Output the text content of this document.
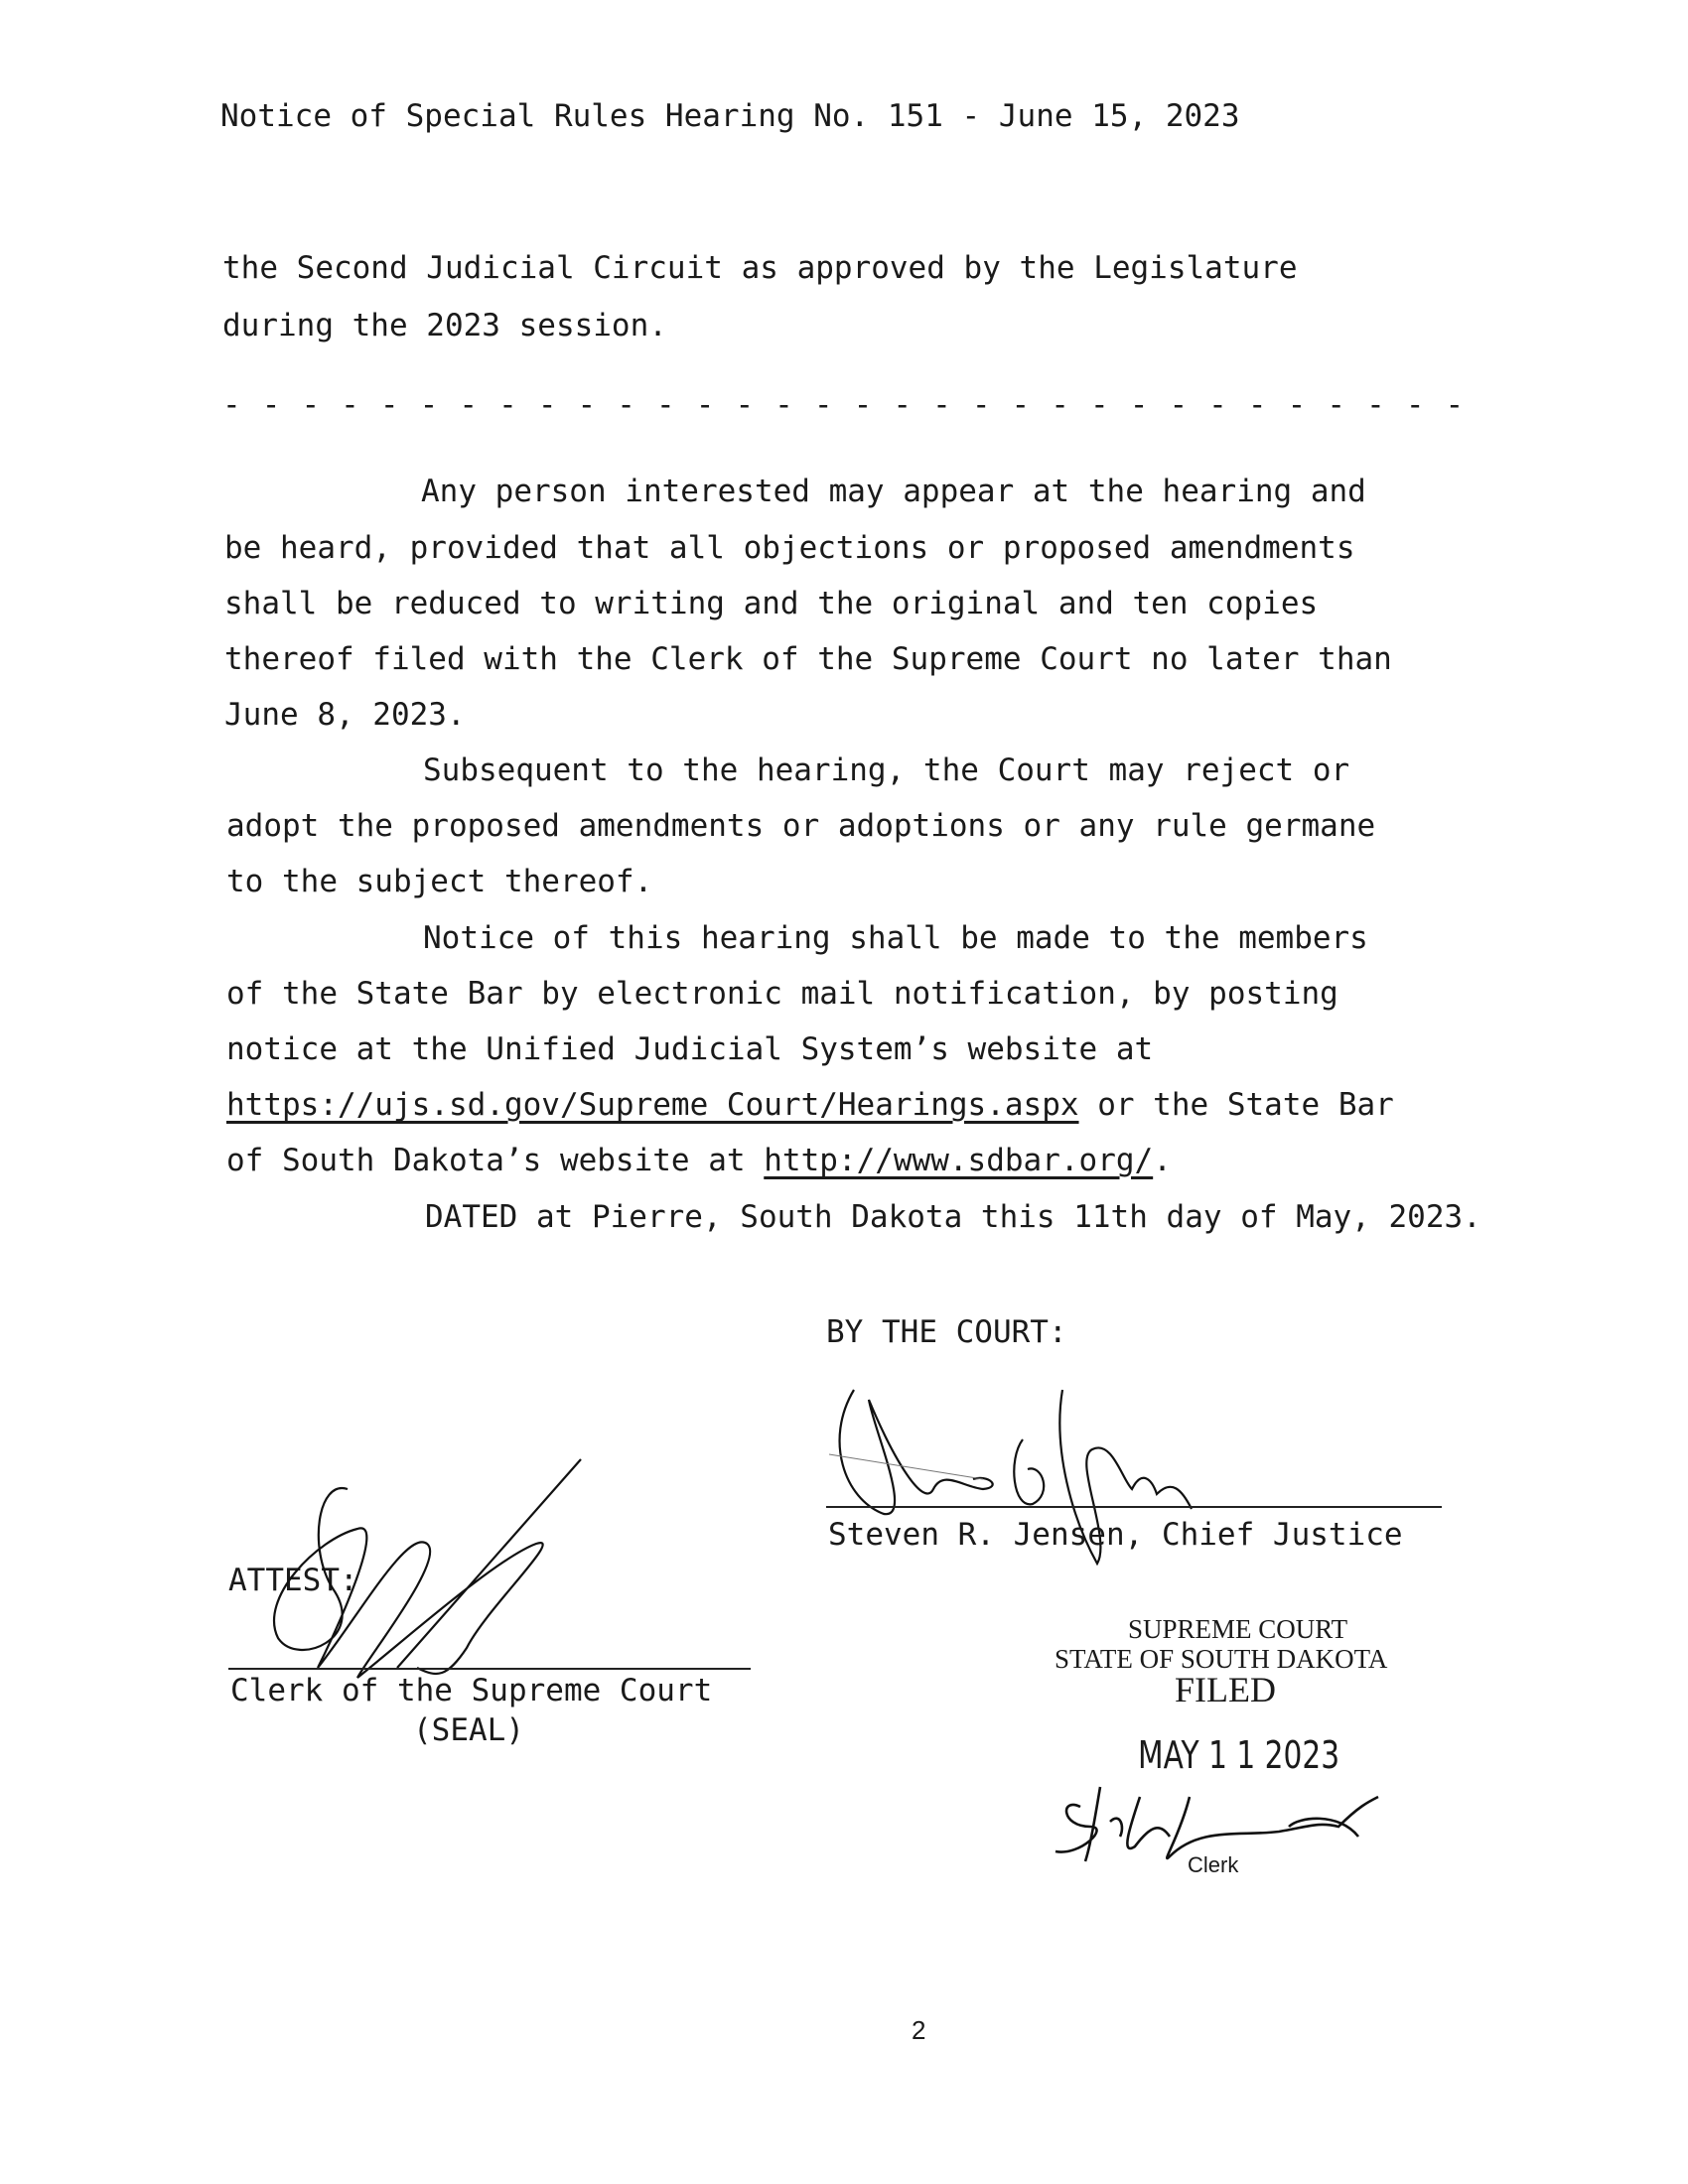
Notice of Special Rules Hearing No. 151 - June 15, 2023
the Second Judicial Circuit as approved by the Legislature
during the 2023 session.
- - - - - - - - - - - - - - - - - - - - - - - - - - - - - - - -
Any person interested may appear at the hearing and
be heard, provided that all objections or proposed amendments
shall be reduced to writing and the original and ten copies
thereof filed with the Clerk of the Supreme Court no later than
June 8, 2023.
Subsequent to the hearing, the Court may reject or
adopt the proposed amendments or adoptions or any rule germane
to the subject thereof.
Notice of this hearing shall be made to the members
of the State Bar by electronic mail notification, by posting
notice at the Unified Judicial System’s website at
https://ujs.sd.gov/Supreme_Court/Hearings.aspx or the State Bar
of South Dakota’s website at http://www.sdbar.org/.
DATED at Pierre, South Dakota this 11th day of May, 2023.
BY THE COURT:
Steven R. Jensen, Chief Justice
ATTEST:
Clerk of the Supreme Court
(SEAL)
SUPREME COURT
STATE OF SOUTH DAKOTA
FILED
MAY 1 1 2023
Clerk
2
